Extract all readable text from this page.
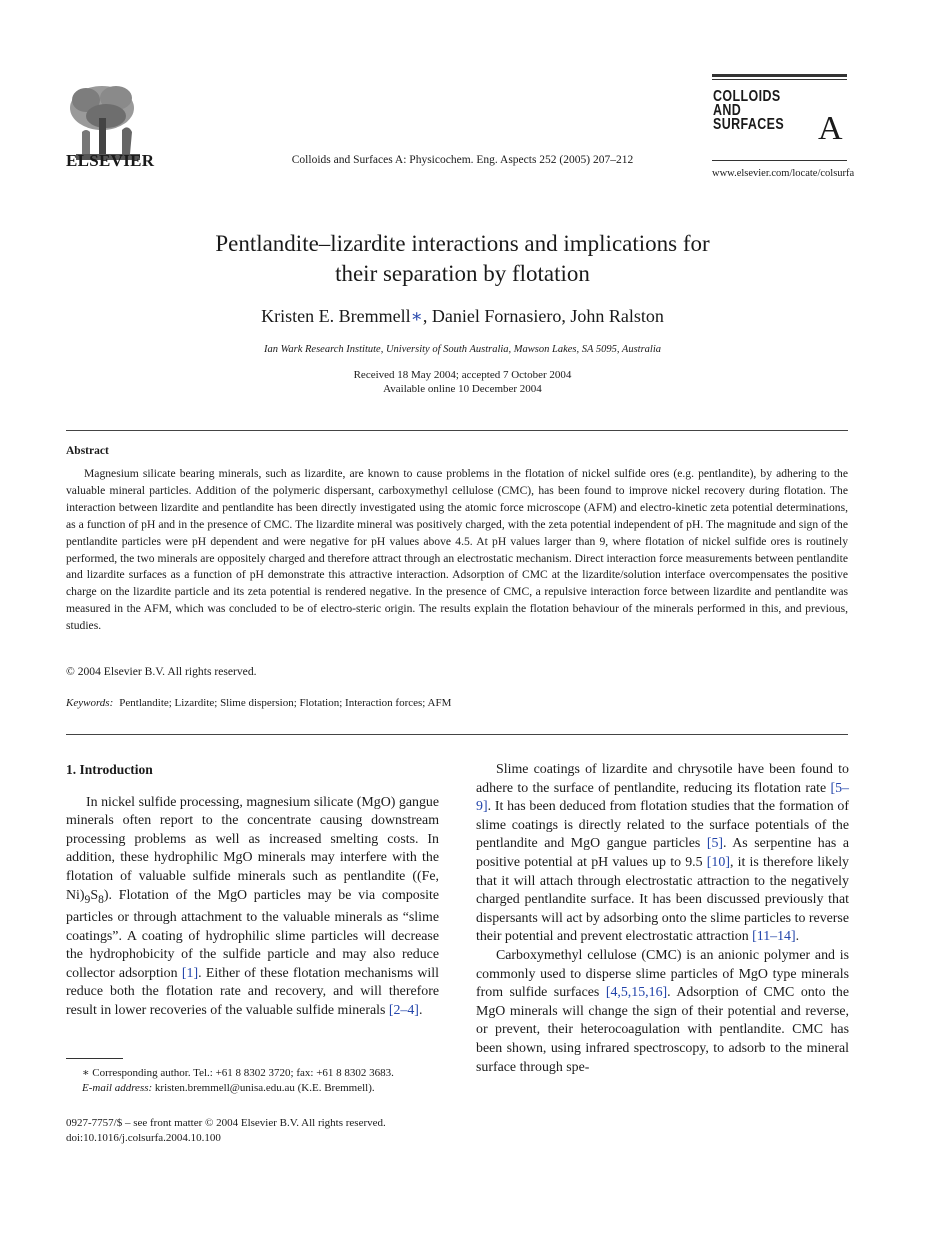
ELSEVIER	Colloids and Surfaces A: Physicochem. Eng. Aspects 252 (2005) 207–212
COLLOIDS
AND
SURFACES A
www.elsevier.com/locate/colsurfa
Pentlandite–lizardite interactions and implications for
their separation by flotation
Kristen E. Bremmell∗, Daniel Fornasiero, John Ralston
Ian Wark Research Institute, University of South Australia, Mawson Lakes, SA 5095, Australia
Received 18 May 2004; accepted 7 October 2004
Available online 10 December 2004
Abstract
Magnesium silicate bearing minerals, such as lizardite, are known to cause problems in the flotation of nickel sulfide ores (e.g. pentlandite), by adhering to the valuable mineral particles. Addition of the polymeric dispersant, carboxymethyl cellulose (CMC), has been found to improve nickel recovery during flotation. The interaction between lizardite and pentlandite has been directly investigated using the atomic force microscope (AFM) and electro-kinetic zeta potential determinations, as a function of pH and in the presence of CMC. The lizardite mineral was positively charged, with the zeta potential independent of pH. The magnitude and sign of the pentlandite particles were pH dependent and were negative for pH values above 4.5. At pH values larger than 9, where flotation of nickel sulfide ores is routinely performed, the two minerals are oppositely charged and therefore attract through an electrostatic mechanism. Direct interaction force measurements between pentlandite and lizardite surfaces as a function of pH demonstrate this attractive interaction. Adsorption of CMC at the lizardite/solution interface overcompensates the positive charge on the lizardite particle and its zeta potential is rendered negative. In the presence of CMC, a repulsive interaction force between lizardite and pentlandite was measured in the AFM, which was concluded to be of electro-steric origin. The results explain the flotation behaviour of the minerals performed in this, and previous, studies.
© 2004 Elsevier B.V. All rights reserved.
Keywords: Pentlandite; Lizardite; Slime dispersion; Flotation; Interaction forces; AFM
1. Introduction

In nickel sulfide processing, magnesium silicate (MgO) gangue minerals often report to the concentrate causing downstream processing problems as well as increased smelting costs. In addition, these hydrophilic MgO minerals may interfere with the flotation of valuable sulfide minerals such as pentlandite ((Fe, $Ni)_9S_8$). Flotation of the MgO particles may be via composite particles or through attachment to the valuable minerals as “slime coatings”. A coating of hydrophilic slime particles will decrease the hydrophobicity of the sulfide particle and may also reduce collector adsorption [1]. Either of these flotation mechanisms will reduce both the flotation rate and recovery, and will therefore result in lower recoveries of the valuable sulfide minerals [2–4].

∗ Corresponding author. Tel.: +61 8 8302 3720; fax: +61 8 8302 3683.
E-mail address: kristen.bremmell@unisa.edu.au (K.E. Bremmell).
0927-7757/$ – see front matter © 2004 Elsevier B.V. All rights reserved.
doi:10.1016/j.colsurfa.2004.10.100

Slime coatings of lizardite and chrysotile have been found to adhere to the surface of pentlandite, reducing its flotation rate [5–9]. It has been deduced from flotation studies that the formation of slime coatings is directly related to the surface potentials of the pentlandite and MgO gangue particles [5]. As serpentine has a positive potential at pH values up to 9.5 [10], it is therefore likely that it will attach through electrostatic attraction to the negatively charged pentlandite surface. It has been discussed previously that dispersants will act by adsorbing onto the slime particles to reverse their potential and prevent electrostatic attraction [11–14].

Carboxymethyl cellulose (CMC) is an anionic polymer and is commonly used to disperse slime particles of MgO type minerals from sulfide surfaces [4,5,15,16]. Adsorption of CMC onto the MgO minerals will change the sign of their potential and reverse, or prevent, their heterocoagulation with pentlandite. CMC has been shown, using infrared spectroscopy, to adsorb to the mineral surface through spe-
